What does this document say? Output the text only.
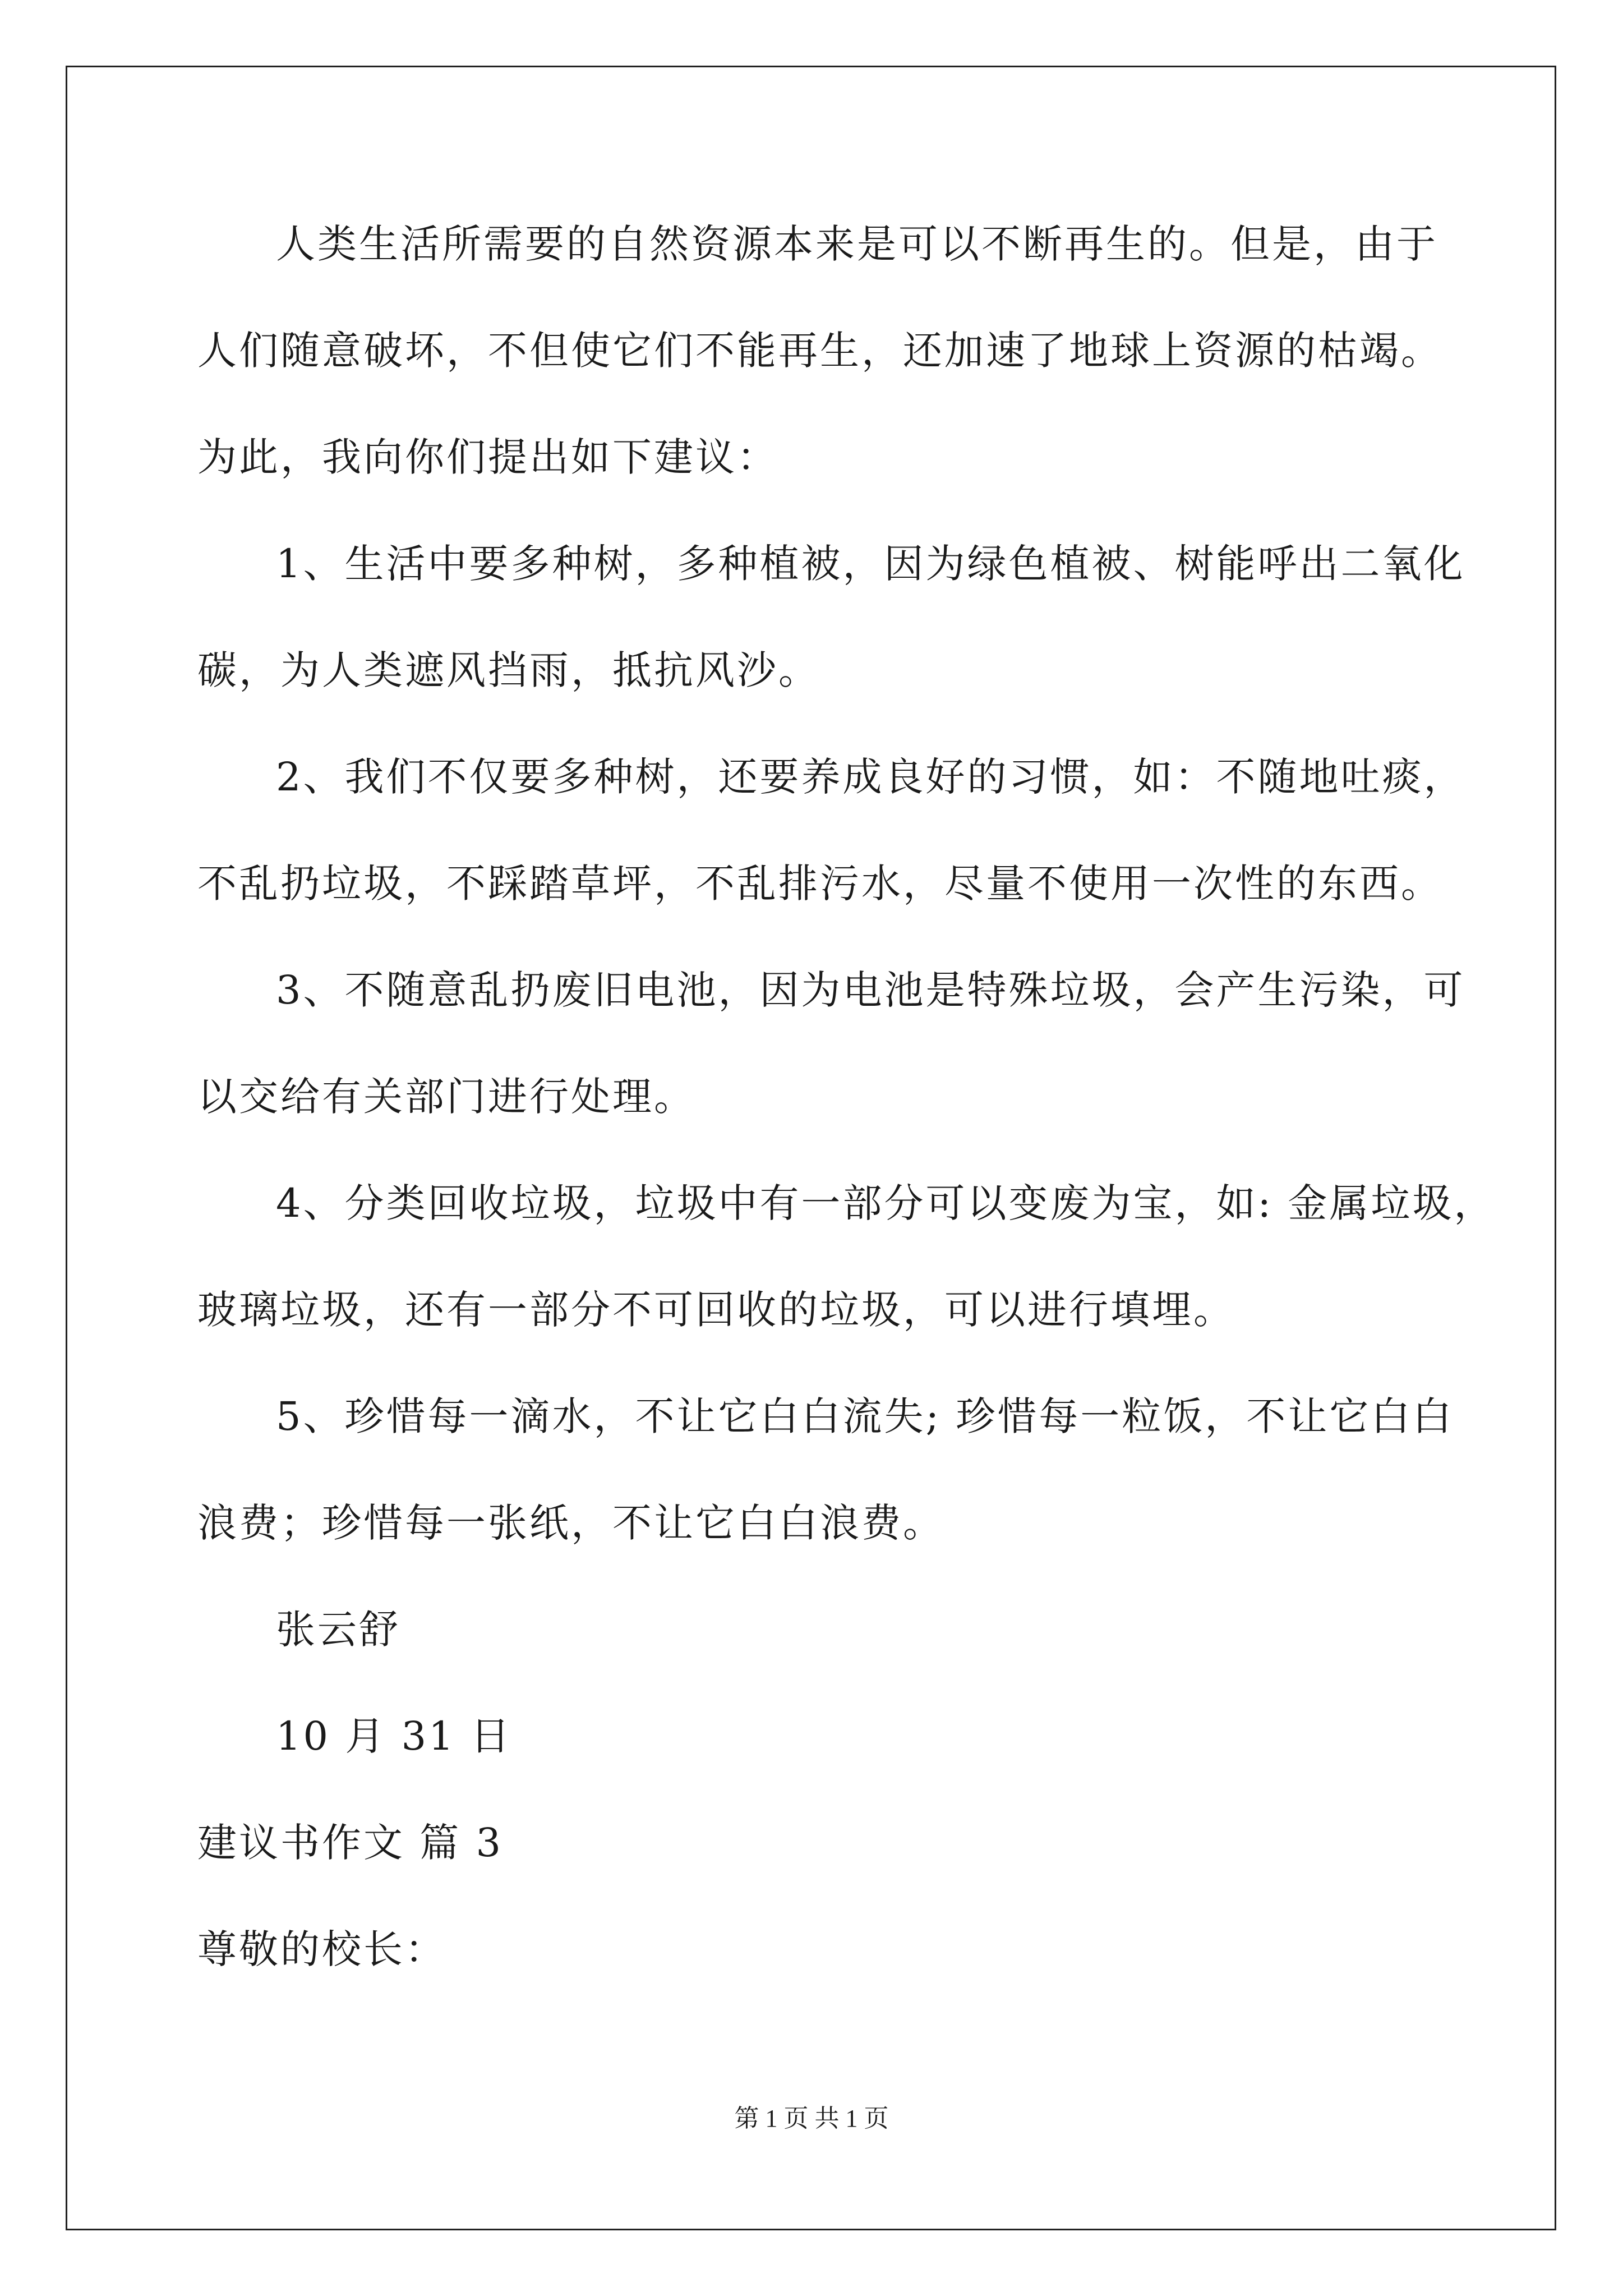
人类生活所需要的自然资源本来是可以不断再生的。但是，由于
人们随意破坏，不但使它们不能再生，还加速了地球上资源的枯竭。
为此，我向你们提出如下建议：
1、生活中要多种树，多种植被，因为绿色植被、树能呼出二氧化
碳，为人类遮风挡雨，抵抗风沙。
2、我们不仅要多种树，还要养成良好的习惯，如：不随地吐痰，
不乱扔垃圾，不踩踏草坪，不乱排污水，尽量不使用一次性的东西。
3、不随意乱扔废旧电池，因为电池是特殊垃圾，会产生污染，可
以交给有关部门进行处理。
4、分类回收垃圾，垃圾中有一部分可以变废为宝，如: 金属垃圾，
玻璃垃圾，还有一部分不可回收的垃圾，可以进行填埋。
5、珍惜每一滴水，不让它白白流失; 珍惜每一粒饭，不让它白白
浪费；珍惜每一张纸，不让它白白浪费。
张云舒
10 月 31 日
建议书作文 篇 3
尊敬的校长：
第 1 页 共 1 页
